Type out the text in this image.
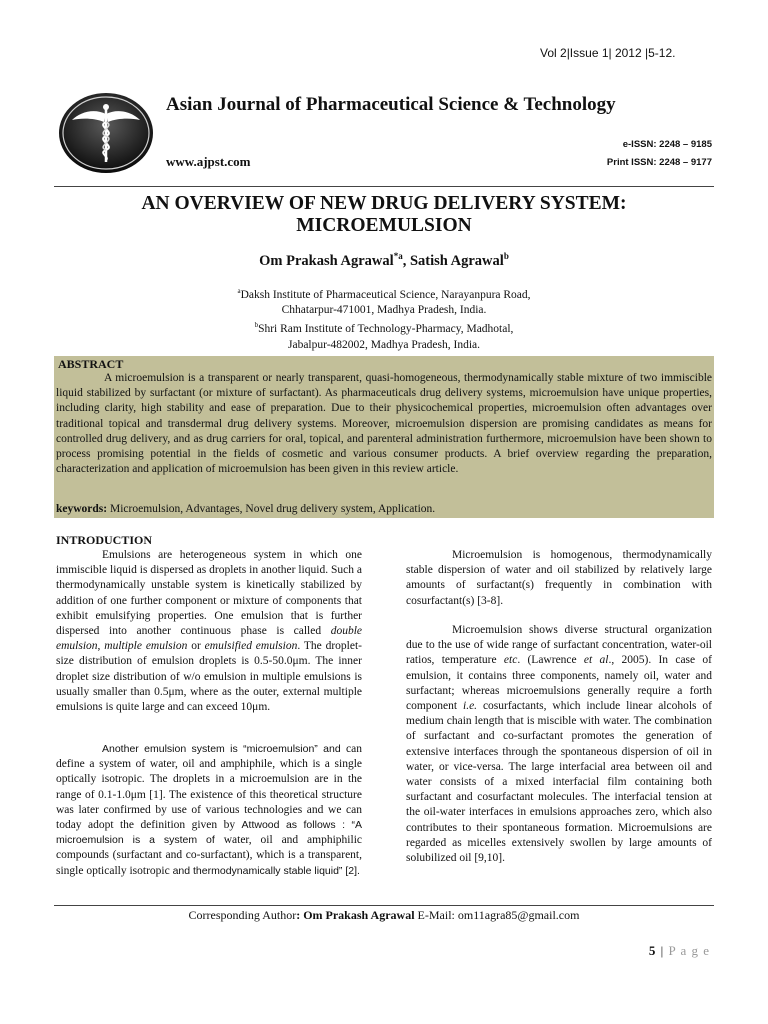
Vol 2|Issue 1| 2012 |5-12.
Asian Journal of Pharmaceutical Science & Technology
www.ajpst.com
e-ISSN: 2248 – 9185
Print ISSN: 2248 – 9177
AN OVERVIEW OF NEW DRUG DELIVERY SYSTEM:
MICROEMULSION
Om Prakash Agrawal$^{*a}$, Satish Agrawal$^b$
$^a$Daksh Institute of Pharmaceutical Science, Narayanpura Road,
Chhatarpur-471001, Madhya Pradesh, India.
$^b$Shri Ram Institute of Technology-Pharmacy, Madhotal,
Jabalpur-482002, Madhya Pradesh, India.
ABSTRACT

A microemulsion is a transparent or nearly transparent, quasi-homogeneous, thermodynamically stable mixture of two immiscible liquid stabilized by surfactant (or mixture of surfactant). As pharmaceuticals drug delivery systems, microemulsion have unique properties, including clarity, high stability and ease of preparation. Due to their physicochemical properties, microemulsion often advantages over traditional topical and transdermal drug delivery systems. Moreover, microemulsion dispersion are promising candidates as means for controlled drug delivery, and as drug carriers for oral, topical, and parenteral administration furthermore, microemulsion have been shown to process promising potential in the fields of cosmetic and various consumer products. A brief overview regarding the preparation, characterization and application of microemulsion has been given in this review article.

keywords: Microemulsion, Advantages, Novel drug delivery system, Application.
INTRODUCTION

Emulsions are heterogeneous system in which one immiscible liquid is dispersed as droplets in another liquid. Such a thermodynamically unstable system is kinetically stabilized by addition of one further component or mixture of components that exhibit emulsifying properties. One emulsion that is further dispersed into another continuous phase is called double emulsion, multiple emulsion or emulsified emulsion. The droplet-size distribution of emulsion droplets is 0.5-50.0μm. The inner droplet size distribution of w/o emulsion in multiple emulsions is usually smaller than 0.5μm, where as the outer, external multiple emulsions is quite large and can exceed 10μm.

Another emulsion system is “microemulsion” and can define a system of water, oil and amphiphile, which is a single optically isotropic. The droplets in a microemulsion are in the range of 0.1-1.0μm [1]. The existence of this theoretical structure was later confirmed by use of various technologies and we can today adopt the definition given by Attwood as follows : “A microemulsion is a system of water, oil and amphiphilic compounds (surfactant and co-surfactant), which is a transparent, single optically isotropic and thermodynamically stable liquid” [2].

Microemulsion is homogenous, thermodynamically stable dispersion of water and oil stabilized by relatively large amounts of surfactant(s) frequently in combination with cosurfactant(s) [3-8].

Microemulsion shows diverse structural organization due to the use of wide range of surfactant concentration, water-oil ratios, temperature etc. (Lawrence et al., 2005). In case of emulsion, it contains three components, namely oil, water and surfactant; whereas microemulsions generally require a forth component i.e. cosurfactants, which include linear alcohols of medium chain length that is miscible with water. The combination of surfactant and co-surfactant promotes the generation of extensive interfaces through the spontaneous dispersion of oil in water, or vice-versa. The large interfacial area between oil and water consists of a mixed interfacial film containing both surfactant and cosurfactant molecules. The interfacial tension at the oil-water interfaces in emulsions approaches zero, which also contributes to their spontaneous formation. Microemulsions are regarded as micelles extensively swollen by large amounts of solubilized oil [9,10].

Corresponding Author: Om Prakash Agrawal E-Mail: om11agra85@gmail.com
5 | P a g e
